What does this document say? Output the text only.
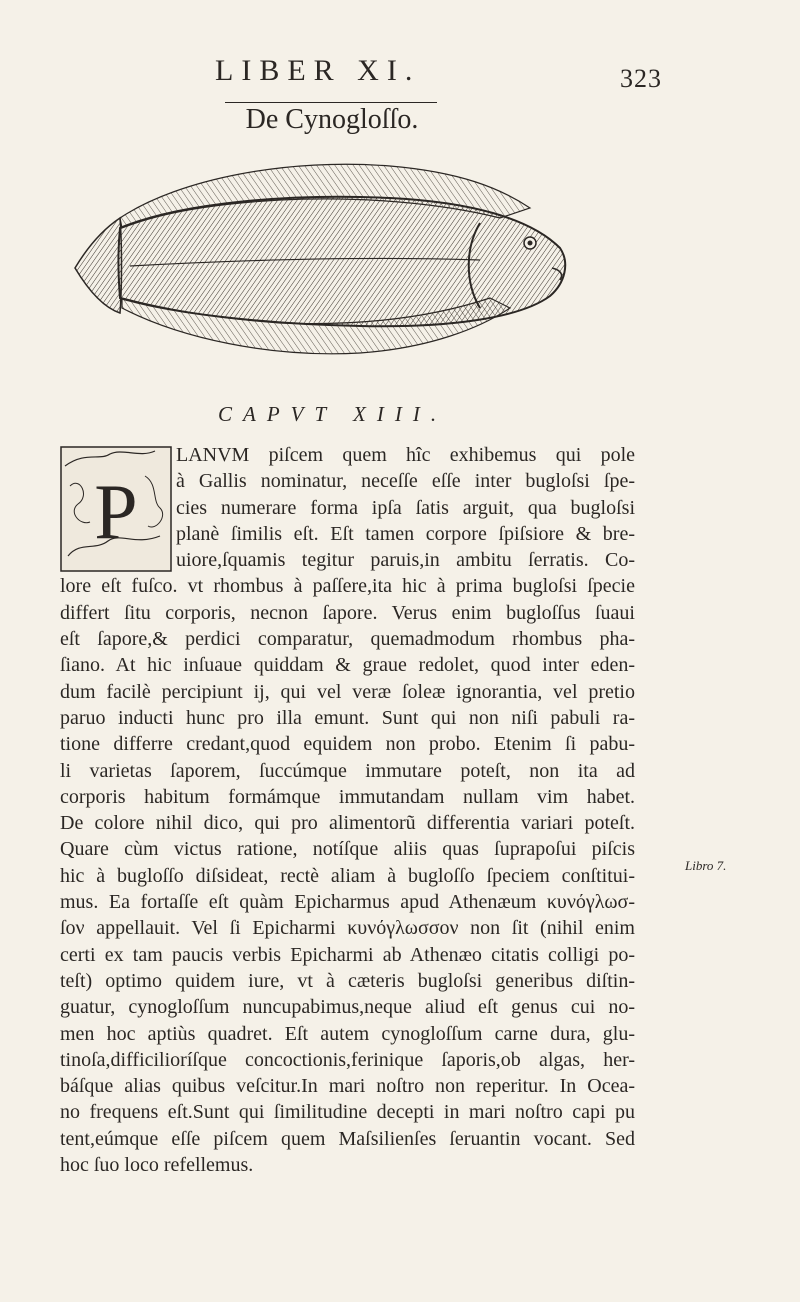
LIBER XI.	323
De Cynogloſſo.
CAPVT XIII.
P
LANVM piſcem quem hîc exhibemus qui pole
à Gallis nominatur, neceſſe eſſe inter bugloſsi ſpe-
cies numerare forma ipſa ſatis arguit, qua bugloſsi
planè ſimilis eſt. Eſt tamen corpore ſpiſsiore & bre-
uiore,ſquamis tegitur paruis,in ambitu ſerratis. Co-
lore eſt fuſco. vt rhombus à paſſere,ita hic à prima bugloſsi ſpecie
differt ſitu corporis, necnon ſapore. Verus enim bugloſſus ſuaui
eſt ſapore,& perdici comparatur, quemadmodum rhombus pha-
ſiano. At hic inſuaue quiddam & graue redolet, quod inter eden-
dum facilè percipiunt ij, qui vel veræ ſoleæ ignorantia, vel pretio
paruo inducti hunc pro illa emunt. Sunt qui non niſi pabuli ra-
tione differre credant,quod equidem non probo. Etenim ſi pabu-
li varietas ſaporem, ſuccúmque immutare poteſt, non ita ad
corporis habitum formámque immutandam nullam vim habet.
De colore nihil dico, qui pro alimentorũ differentia variari poteſt.
Quare cùm victus ratione, notíſque aliis quas ſuprapoſui piſcis
hic à bugloſſo diſsideat, rectè aliam à bugloſſo ſpeciem conſtitui-
mus. Ea fortaſſe eſt quàm Epicharmus apud Athenæum κυνόγλωσ-
ſον appellauit. Vel ſi Epicharmi κυνόγλωσσον non ſit (nihil enim
certi ex tam paucis verbis Epicharmi ab Athenæo citatis colligi po-
teſt) optimo quidem iure, vt à cæteris bugloſsi generibus diſtin-
guatur, cynogloſſum nuncupabimus,neque aliud eſt genus cui no-
men hoc aptiùs quadret. Eſt autem cynogloſſum carne dura, glu-
tinoſa,difficilioríſque concoctionis,ferinique ſaporis,ob algas, her-
báſque alias quibus veſcitur.In mari noſtro non reperitur. In Ocea-
no frequens eſt.Sunt qui ſimilitudine decepti in mari noſtro capi pu
tent,eúmque eſſe piſcem quem Maſsilienſes ſeruantin vocant. Sed
hoc ſuo loco refellemus.
Libro 7.
